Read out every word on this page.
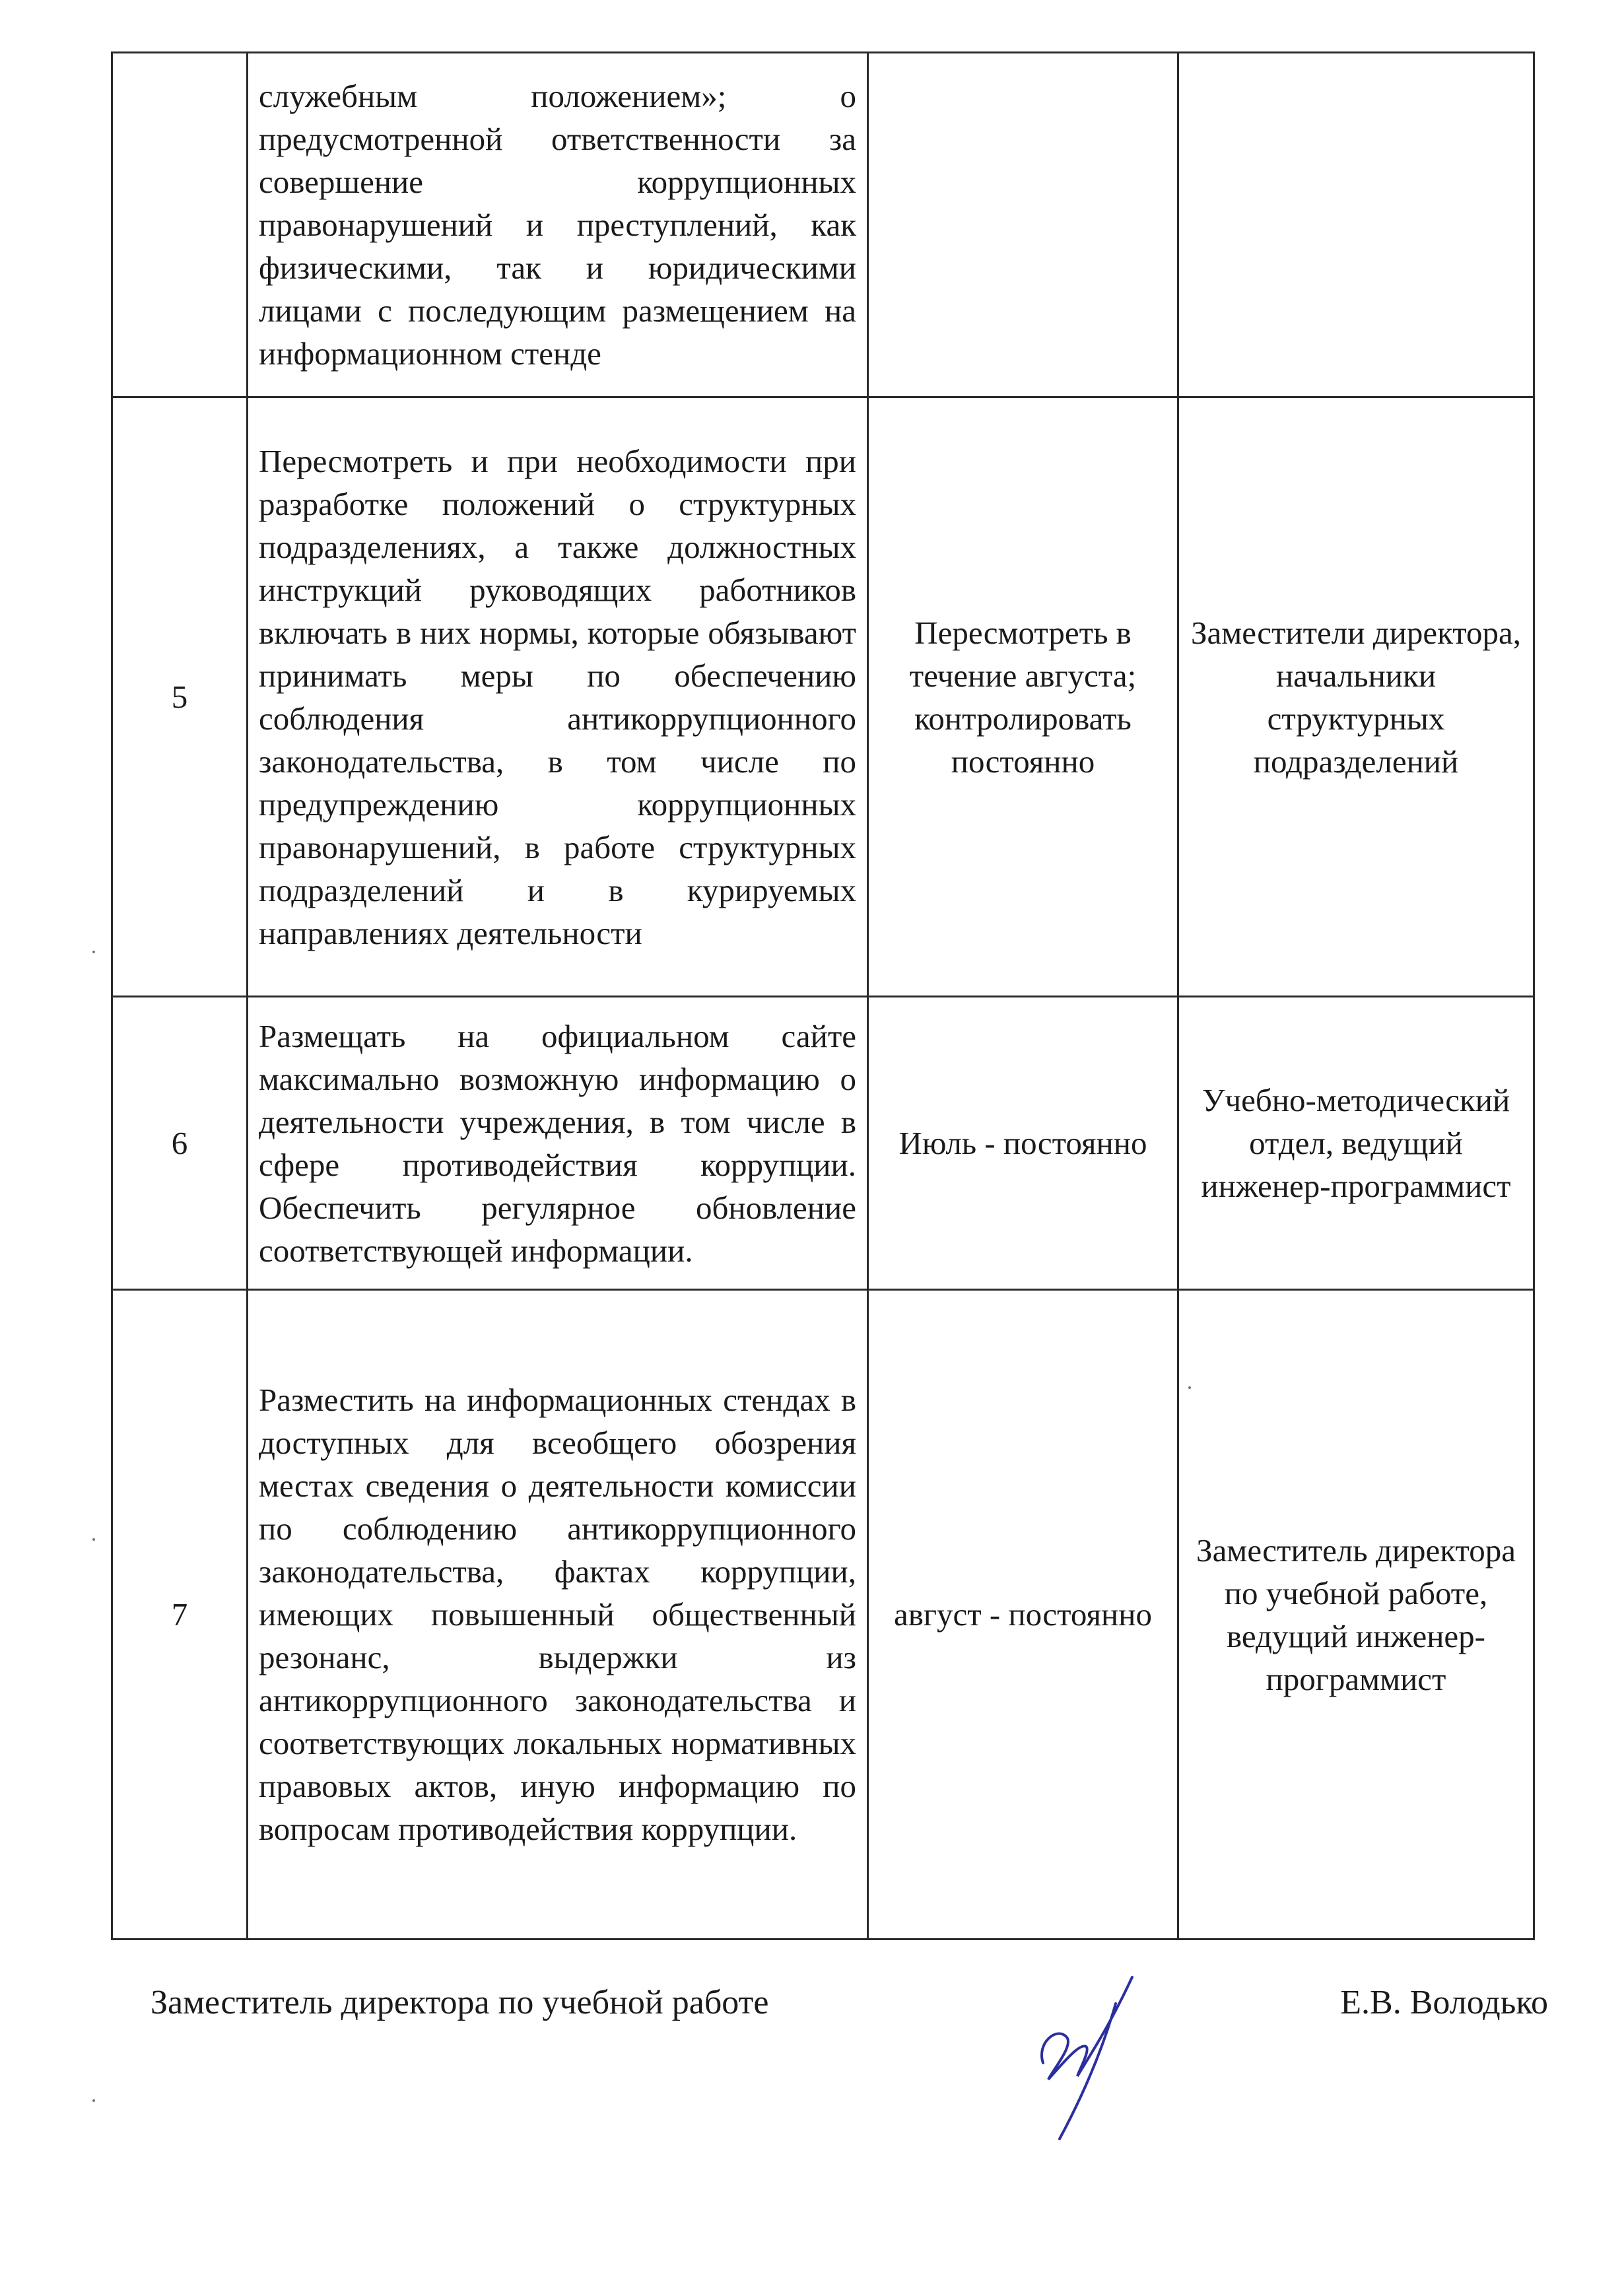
	служебным положением»; о предусмотренной ответственности за совершение коррупционных правонарушений и преступлений, как физическими, так и юридическими лицами с последующим размещением на информационном стенде		
5	Пересмотреть и при необходимости при разработке положений о структурных подразделениях, а также должностных инструкций руководящих работников включать в них нормы, которые обязывают принимать меры по обеспечению соблюдения антикоррупционного законодательства, в том числе по предупреждению коррупционных правонарушений, в работе структурных подразделений и в курируемых направлениях деятельности	Пересмотреть в течение августа; контролировать постоянно	Заместители директора, начальники структурных подразделений
6	Размещать на официальном сайте максимально возможную информацию о деятельности учреждения, в том числе в сфере противодействия коррупции. Обеспечить регулярное обновление соответствующей информации.	Июль - постоянно	Учебно-методический отдел, ведущий инженер-программист
7	Разместить на информационных стендах в доступных для всеобщего обозрения местах сведения о деятельности комиссии по соблюдению антикоррупционного законодательства, фактах коррупции, имеющих повышенный общественный резонанс, выдержки из антикоррупционного законодательства и соответствующих локальных нормативных правовых актов, иную информацию по вопросам противодействия коррупции.	август - постоянно	Заместитель директора по учебной работе, ведущий инженер-программист
Заместитель директора по учебной работе	Е.В. Володько
